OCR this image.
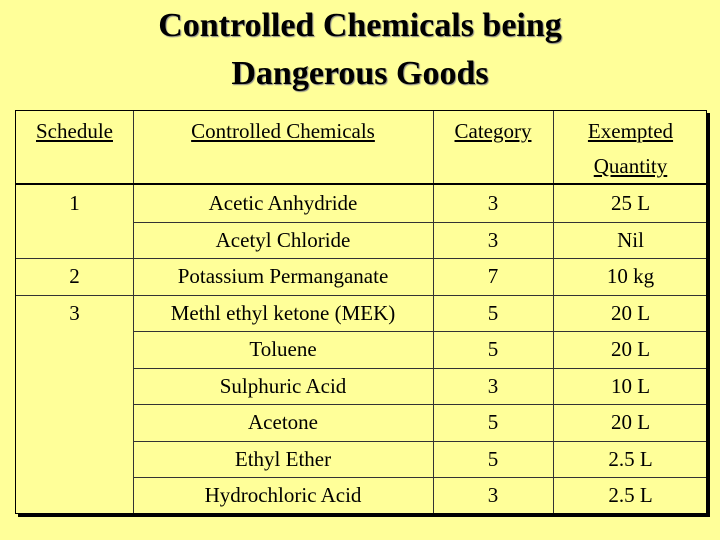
Controlled Chemicals being
Dangerous Goods
Schedule	Controlled Chemicals	Category	Exempted
Quantity
1	Acetic Anhydride	3	25 L
Acetyl Chloride	3	Nil
2	Potassium Permanganate	7	10 kg
3	Methl ethyl ketone (MEK)	5	20 L
Toluene	5	20 L
Sulphuric Acid	3	10 L
Acetone	5	20 L
Ethyl Ether	5	2.5 L
Hydrochloric Acid	3	2.5 L
